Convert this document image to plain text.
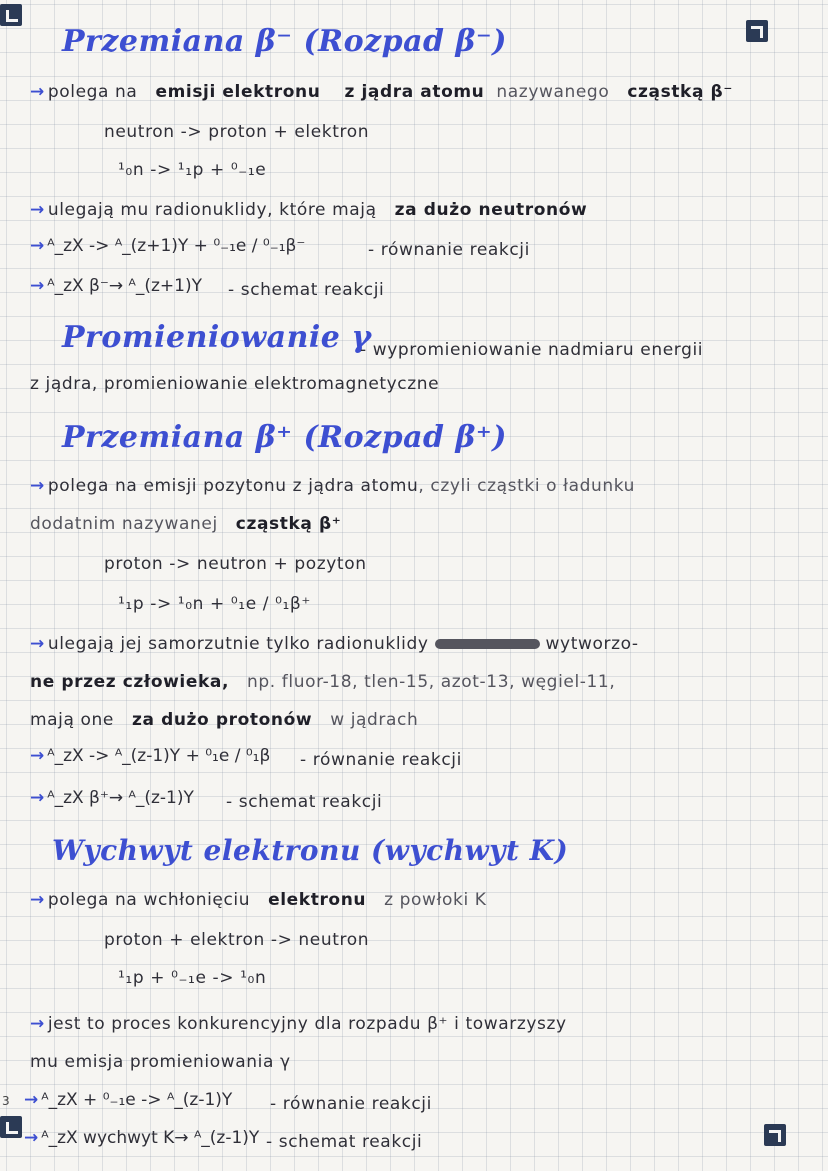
3
Przemiana β⁻ (Rozpad β⁻)
→ polega na emisji elektronu z jądra atomu nazywanego cząstką β⁻
neutron -> proton + elektron
¹₀n -> ¹₁p + ⁰₋₁e
→ ulegają mu radionuklidy, które mają za dużo neutronów
→ ᴬ_zX -> ᴬ_(z+1)Y + ⁰₋₁e / ⁰₋₁β⁻	- równanie reakcji
→ ᴬ_zX β⁻→ ᴬ_(z+1)Y - schemat reakcji
Promieniowanie γ
- wypromieniowanie nadmiaru energii
z jądra, promieniowanie elektromagnetyczne
Przemiana β⁺ (Rozpad β⁺)
→ polega na emisji pozytonu z jądra atomu, czyli cząstki o ładunku
dodatnim nazywanej cząstką β⁺
proton -> neutron + pozyton
¹₁p -> ¹₀n + ⁰₁e / ⁰₁β⁺
→ ulegają jej samorzutnie tylko radionuklidy	wytworzo-
ne przez człowieka, np. fluor-18, tlen-15, azot-13, węgiel-11,
mają one za dużo protonów w jądrach
→ ᴬ_zX -> ᴬ_(z-1)Y + ⁰₁e / ⁰₁β - równanie reakcji
→ ᴬ_zX β⁺→ ᴬ_(z-1)Y - schemat reakcji
Wychwyt elektronu (wychwyt K)
→ polega na wchłonięciu elektronu z powłoki K
proton + elektron -> neutron
¹₁p + ⁰₋₁e -> ¹₀n
→ jest to proces konkurencyjny dla rozpadu β⁺ i towarzyszy
mu emisja promieniowania γ
→ ᴬ_zX + ⁰₋₁e -> ᴬ_(z-1)Y - równanie reakcji
→ ᴬ_zX wychwyt K→ ᴬ_(z-1)Y - schemat reakcji
